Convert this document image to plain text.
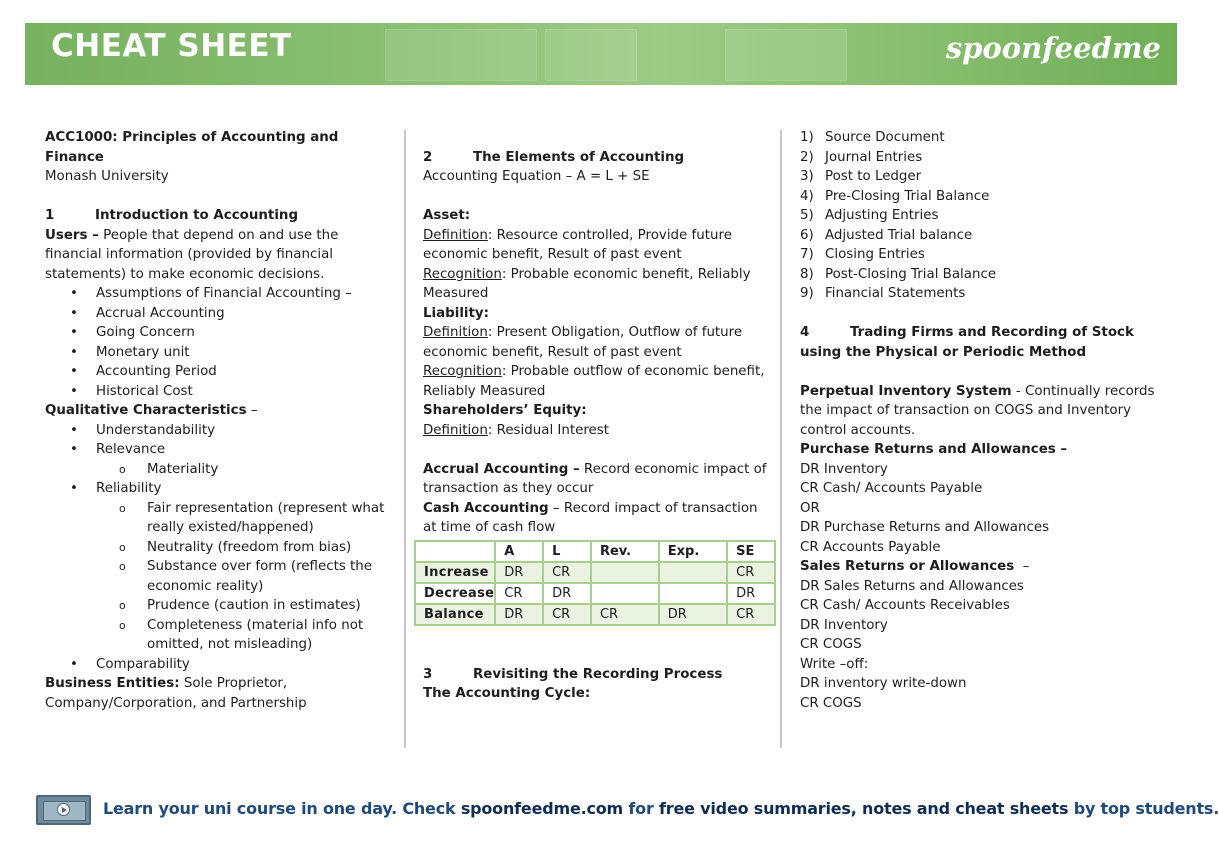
CHEAT SHEET	spoonfeedme
ACC1000: Principles of Accounting and Finance
Monash University
1	Introduction to Accounting
Users – People that depend on and use the financial information (provided by financial statements) to make economic decisions.
• Assumptions of Financial Accounting –
• Accrual Accounting
• Going Concern
• Monetary unit
• Accounting Period
• Historical Cost
Qualitative Characteristics –
• Understandability
• Relevance
o Materiality
• Reliability
o Fair representation (represent what really existed/happened)
o Neutrality (freedom from bias)
o Substance over form (reflects the economic reality)
o Prudence (caution in estimates)
o Completeness (material info not omitted, not misleading)
• Comparability
Business Entities: Sole Proprietor, Company/Corporation, and Partnership
2	The Elements of Accounting
Accounting Equation – A = L + SE
Asset:
Definition: Resource controlled, Provide future economic benefit, Result of past event
Recognition: Probable economic benefit, Reliably Measured
Liability:
Definition: Present Obligation, Outflow of future economic benefit, Result of past event
Recognition: Probable outflow of economic benefit, Reliably Measured
Shareholders’ Equity:
Definition: Residual Interest
Accrual Accounting – Record economic impact of transaction as they occur
Cash Accounting – Record impact of transaction at time of cash flow
	A	L	Rev.	Exp.	SE
Increase	DR	CR			CR
Decrease	CR	DR			DR
Balance	DR	CR	CR	DR	CR
3	Revisiting the Recording Process
The Accounting Cycle:
1) Source Document
2) Journal Entries
3) Post to Ledger
4) Pre-Closing Trial Balance
5) Adjusting Entries
6) Adjusted Trial balance
7) Closing Entries
8) Post-Closing Trial Balance
9) Financial Statements
4	Trading Firms and Recording of Stock
using the Physical or Periodic Method
Perpetual Inventory System - Continually records the impact of transaction on COGS and Inventory control accounts.
Purchase Returns and Allowances –
DR Inventory
CR Cash/ Accounts Payable
OR
DR Purchase Returns and Allowances
CR Accounts Payable
Sales Returns or Allowances  –
DR Sales Returns and Allowances
CR Cash/ Accounts Receivables
DR Inventory
CR COGS
Write –off:
DR inventory write-down
CR COGS
Learn your uni course in one day. Check spoonfeedme.com for free video summaries, notes and cheat sheets by top students.
